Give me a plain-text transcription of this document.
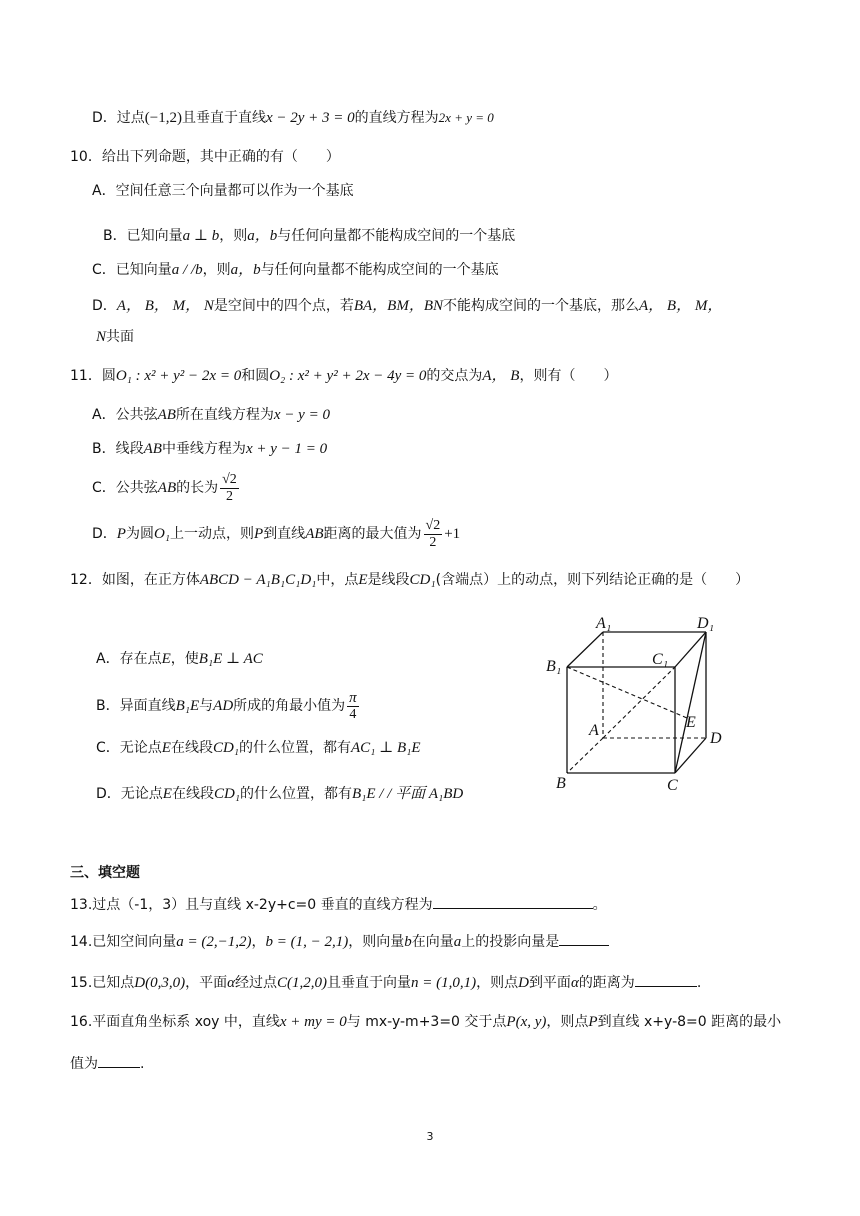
D．过点(−1,2)且垂直于直线x − 2y + 3 = 0的直线方程为2x + y = 0
10．给出下列命题，其中正确的有（　　）
A．空间任意三个向量都可以作为一个基底
B．已知向量a ⊥ b，则a，b与任何向量都不能构成空间的一个基底
C．已知向量a / /b，则a，b与任何向量都不能构成空间的一个基底
D．A， B， M， N是空间中的四个点，若BA，BM，BN不能构成空间的一个基底，那么A， B， M，
N共面
11．圆O₁ : x² + y² − 2x = 0和圆O₂ : x² + y² + 2x − 4y = 0的交点为A， B，则有（　　）
A．公共弦AB所在直线方程为x − y = 0
B．线段AB中垂线方程为x + y − 1 = 0
C．公共弦AB的长为 $\frac{√2}{2}$
D．P为圆O₁上一动点，则P到直线AB距离的最大值为 $\frac{√2}{2} +1$
12．如图，在正方体ABCD − A₁B₁C₁D₁中，点E是线段CD₁(含端点）上的动点，则下列结论正确的是（　　）
A．存在点E，使B₁E ⊥ AC
B．异面直线B₁E与AD所成的角最小值为 $\frac{\pi}{4}$
C．无论点E在线段CD₁的什么位置，都有AC₁ ⊥ B₁E
D．无论点E在线段CD₁的什么位置，都有B₁E / / 平面 A₁BD
A₁	D₁
B₁	C₁
A	E
D
B	C
三、填空题
13.过点（-1，3）且与直线 x-2y+c=0 垂直的直线方程为	。
14.已知空间向量a = (2,−1,2)，b = (1, − 2,1)，则向量b在向量a上的投影向量是
15.已知点D(0,3,0)，平面α经过点C(1,2,0)且垂直于向量n = (1,0,1)，则点D到平面α的距离为	.
16.平面直角坐标系 xoy 中，直线x + my = 0与 mx-y-m+3=0 交于点P(x, y)，则点P到直线 x+y-8=0 距离的最小
值为	.
3
